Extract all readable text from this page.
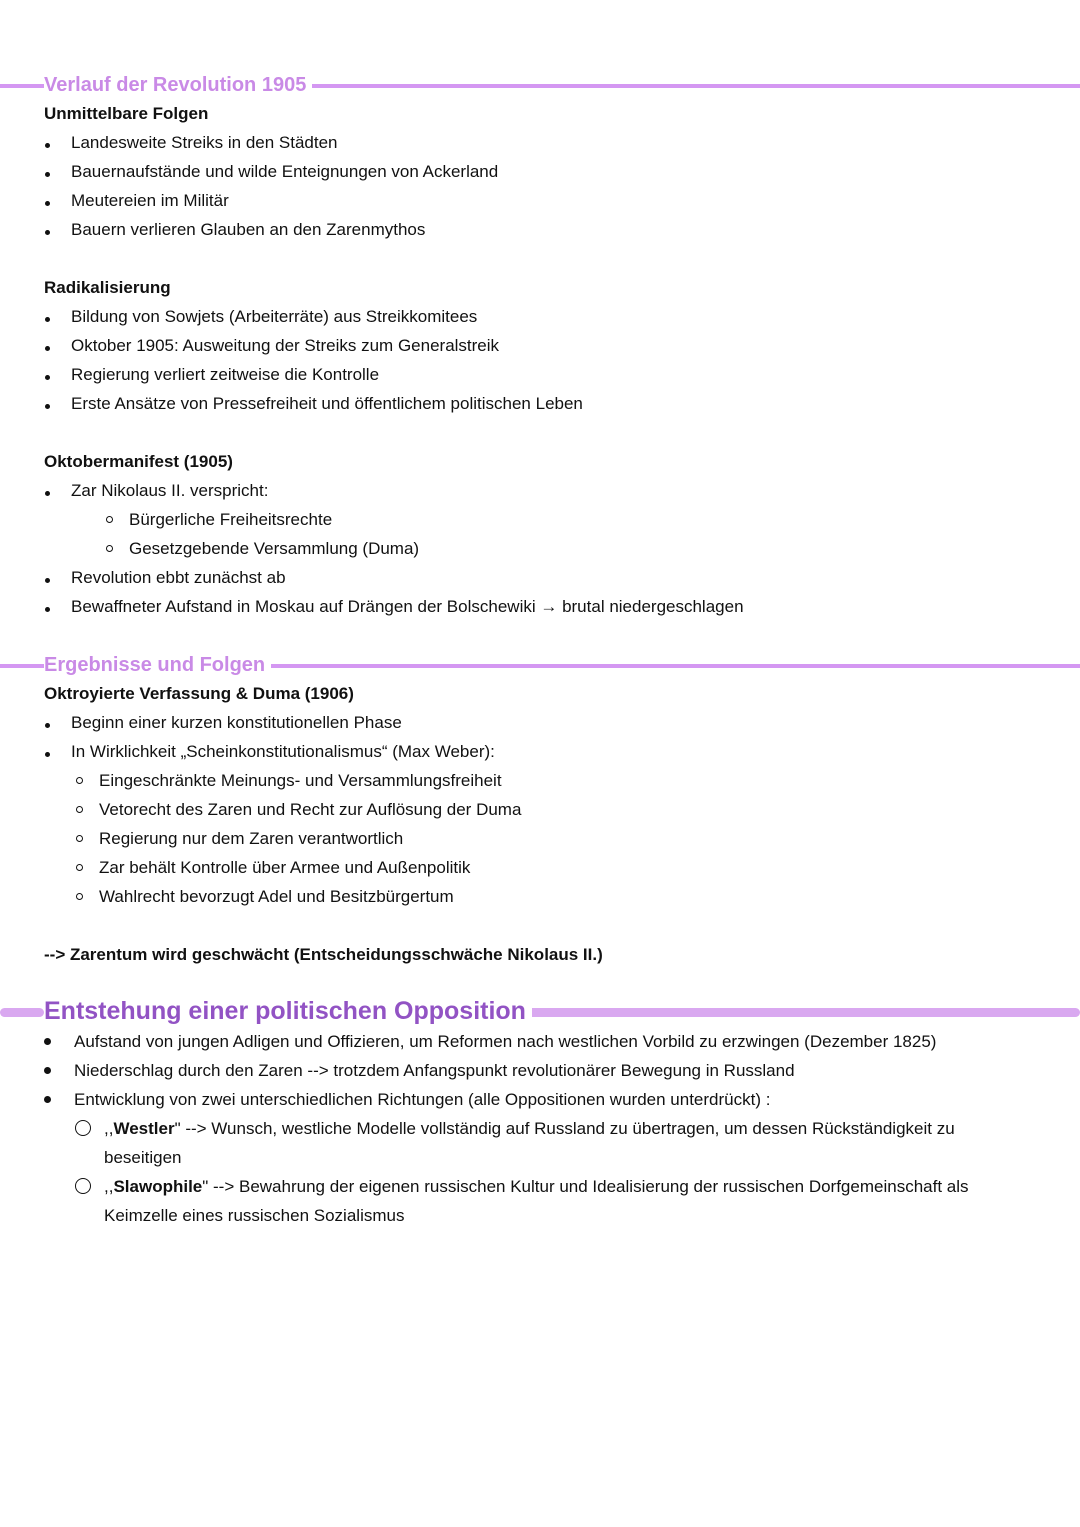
Verlauf der Revolution 1905
Unmittelbare Folgen
Landesweite Streiks in den Städten
Bauernaufstände und wilde Enteignungen von Ackerland
Meutereien im Militär
Bauern verlieren Glauben an den Zarenmythos
Radikalisierung
Bildung von Sowjets (Arbeiterräte) aus Streikkomitees
Oktober 1905: Ausweitung der Streiks zum Generalstreik
Regierung verliert zeitweise die Kontrolle
Erste Ansätze von Pressefreiheit und öffentlichem politischen Leben
Oktobermanifest (1905)
Zar Nikolaus II. verspricht:
Bürgerliche Freiheitsrechte
Gesetzgebende Versammlung (Duma)
Revolution ebbt zunächst ab
Bewaffneter Aufstand in Moskau auf Drängen der Bolschewiki → brutal niedergeschlagen
Ergebnisse und Folgen
Oktroyierte Verfassung & Duma (1906)
Beginn einer kurzen konstitutionellen Phase
In Wirklichkeit „Scheinkonstitutionalismus“ (Max Weber):
Eingeschränkte Meinungs- und Versammlungsfreiheit
Vetorecht des Zaren und Recht zur Auflösung der Duma
Regierung nur dem Zaren verantwortlich
Zar behält Kontrolle über Armee und Außenpolitik
Wahlrecht bevorzugt Adel und Besitzbürgertum
--> Zarentum wird geschwächt (Entscheidungsschwäche Nikolaus II.)
Entstehung einer politischen Opposition
Aufstand von jungen Adligen und Offizieren, um Reformen nach westlichen Vorbild zu erzwingen (Dezember 1825)
Niederschlag durch den Zaren --> trotzdem Anfangspunkt revolutionärer Bewegung in Russland
Entwicklung von zwei unterschiedlichen Richtungen (alle Oppositionen wurden unterdrückt) :
,,Westler" --> Wunsch, westliche Modelle vollständig auf Russland zu übertragen, um dessen Rückständigkeit zu
beseitigen
,,Slawophile" --> Bewahrung der eigenen russischen Kultur und Idealisierung der russischen Dorfgemeinschaft als
Keimzelle eines russischen Sozialismus
